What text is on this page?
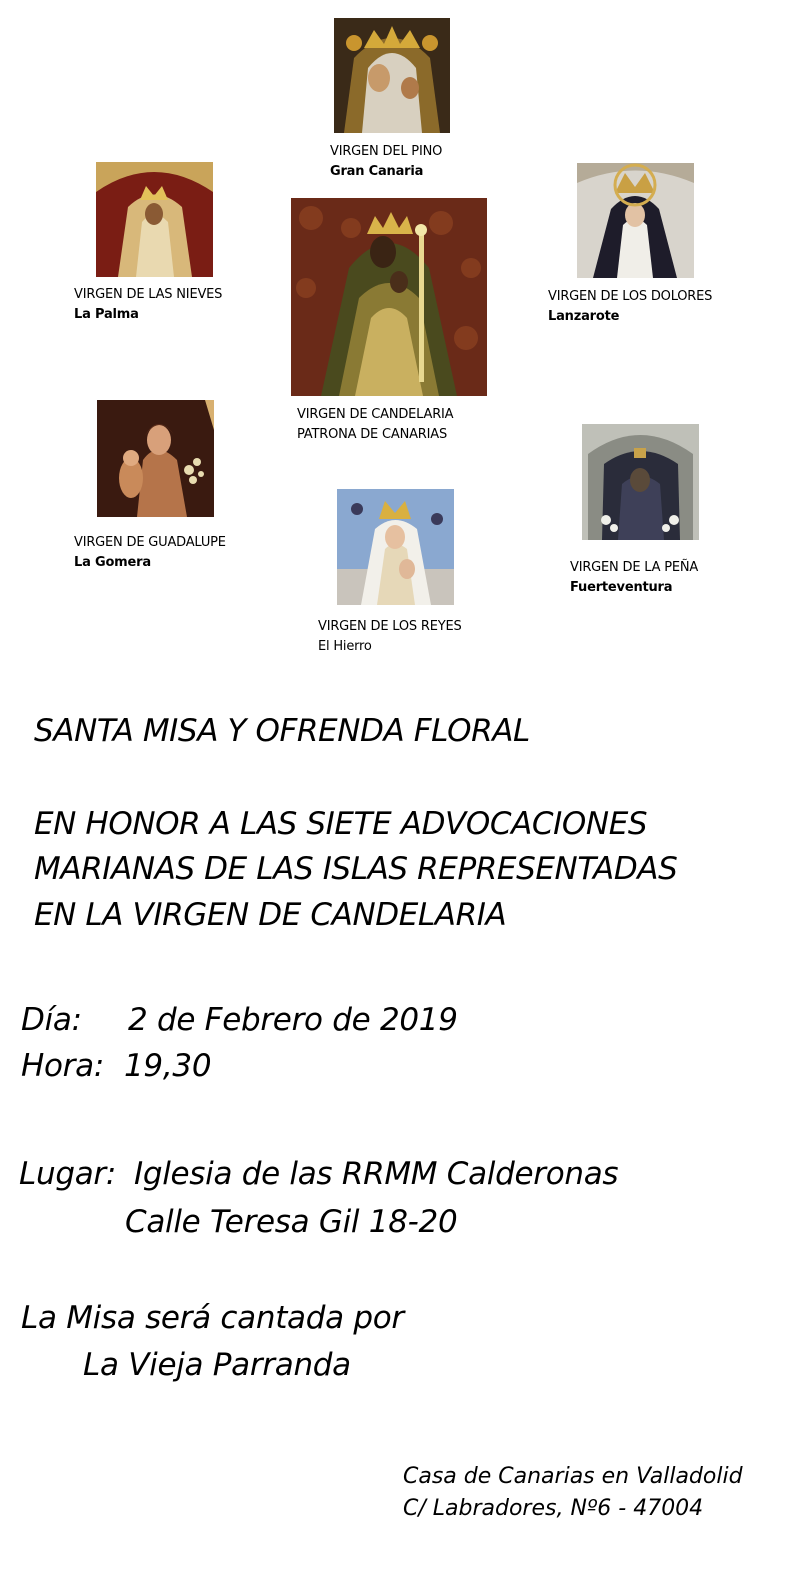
VIRGEN DEL PINO
Gran Canaria
VIRGEN DE LAS NIEVES
La Palma
VIRGEN DE CANDELARIA
PATRONA DE CANARIAS
VIRGEN DE LOS DOLORES
Lanzarote
VIRGEN DE GUADALUPE
La Gomera
VIRGEN DE LOS REYES
El Hierro
VIRGEN DE LA PEÑA
Fuerteventura
SANTA MISA Y OFRENDA FLORAL
EN HONOR A LAS SIETE ADVOCACIONES
MARIANAS DE LAS ISLAS REPRESENTADAS
EN LA VIRGEN DE CANDELARIA
Día: 2 de Febrero de 2019
Hora: 19,30
Lugar: Iglesia de las RRMM Calderonas
Calle Teresa Gil 18-20
La Misa será cantada por
La Vieja Parranda
Casa de Canarias en Valladolid
C/ Labradores, Nº6 - 47004
